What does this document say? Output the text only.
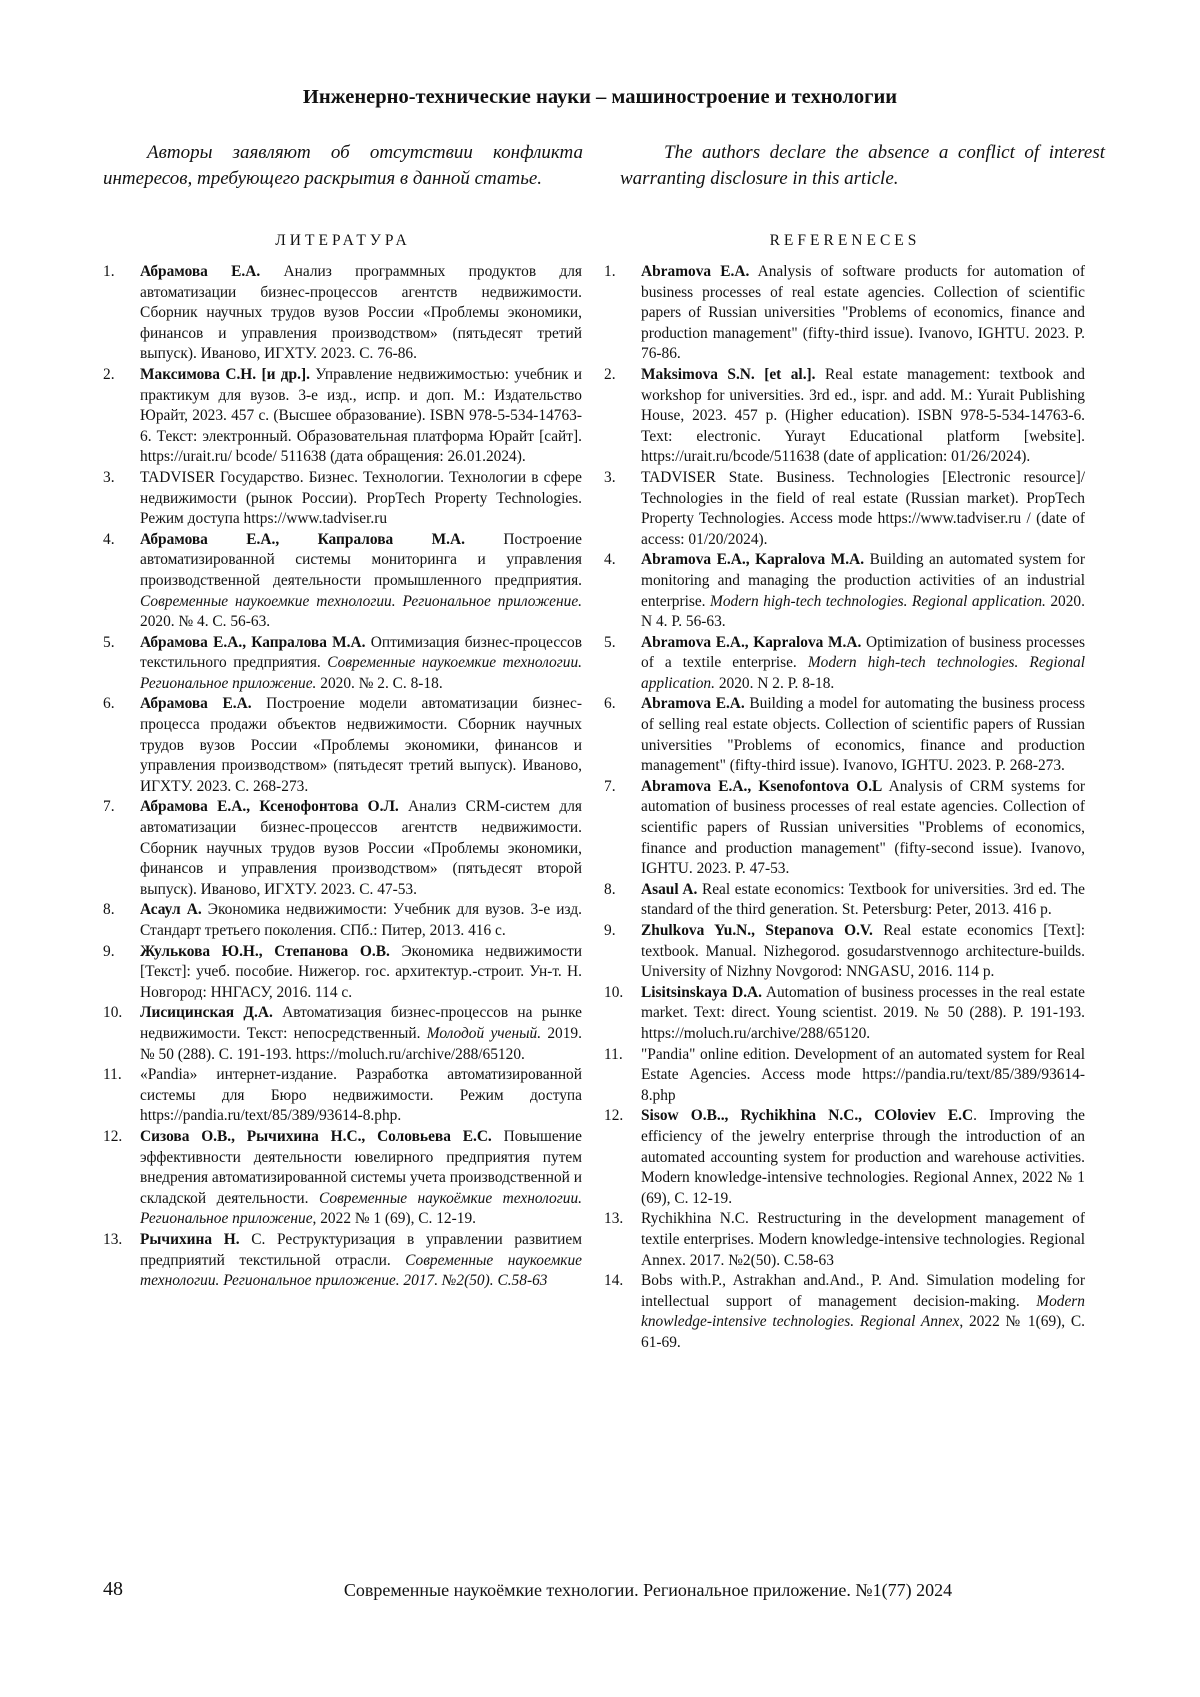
Инженерно-технические науки – машиностроение и технологии
Авторы заявляют об отсутствии конфликта интересов, требующего раскрытия в данной статье.
The authors declare the absence a conflict of interest warranting disclosure in this article.
ЛИТЕРАТУРА	REFERENECES
1.	Абрамова Е.А. Анализ программных продуктов для автоматизации бизнес-процессов агентств недвижимости. Сборник научных трудов вузов России «Проблемы экономики, финансов и управления производством» (пятьдесят третий выпуск). Иваново, ИГХТУ. 2023. С. 76-86.
2.	Максимова С.Н. [и др.]. Управление недвижимостью: учебник и практикум для вузов. 3-е изд., испр. и доп. М.: Издательство Юрайт, 2023. 457 с. (Высшее образование). ISBN 978-5-534-14763-6. Текст: электронный. Образовательная платформа Юрайт [сайт]. https://urait.ru/ bcode/ 511638 (дата обращения: 26.01.2024).
3.	TADVISER Государство. Бизнес. Технологии. Технологии в сфере недвижимости (рынок России). PropTech Property Technologies. Режим доступа https://www.tadviser.ru
4.	Абрамова Е.А., Капралова М.А. Построение автоматизированной системы мониторинга и управления производственной деятельности промышленного предприятия. Современные наукоемкие технологии. Региональное приложение. 2020. № 4. С. 56-63.
5.	Абрамова Е.А., Капралова М.А. Оптимизация бизнес-процессов текстильного предприятия. Современные наукоемкие технологии. Региональное приложение. 2020. № 2. С. 8-18.
6.	Абрамова Е.А. Построение модели автоматизации бизнес-процесса продажи объектов недвижимости. Сборник научных трудов вузов России «Проблемы экономики, финансов и управления производством» (пятьдесят третий выпуск). Иваново, ИГХТУ. 2023. С. 268-273.
7.	Абрамова Е.А., Ксенофонтова О.Л. Анализ CRM-систем для автоматизации бизнес-процессов агентств недвижимости. Сборник научных трудов вузов России «Проблемы экономики, финансов и управления производством» (пятьдесят второй выпуск). Иваново, ИГХТУ. 2023. С. 47-53.
8.	Асаул А. Экономика недвижимости: Учебник для вузов. 3-е изд. Стандарт третьего поколения. СПб.: Питер, 2013. 416 с.
9.	Жулькова Ю.Н., Степанова О.В. Экономика недвижимости [Текст]: учеб. пособие. Нижегор. гос. архитектур.-строит. Ун-т. Н. Новгород: ННГАСУ, 2016. 114 с.
10.	Лисицинская Д.А. Автоматизация бизнес-процессов на рынке недвижимости. Текст: непосредственный. Молодой ученый. 2019. № 50 (288). С. 191-193. https://moluch.ru/archive/288/65120.
11.	«Pandia» интернет-издание. Разработка автоматизированной системы для Бюро недвижимости. Режим доступа https://pandia.ru/text/85/389/93614-8.php.
12.	Сизова О.В., Рычихина Н.С., Соловьева Е.С. Повышение эффективности деятельности ювелирного предприятия путем внедрения автоматизированной системы учета производственной и складской деятельности. Современные наукоёмкие технологии. Региональное приложение, 2022 № 1 (69), С. 12-19.
13.	Рычихина Н. С. Реструктуризация в управлении развитием предприятий текстильной отрасли. Современные наукоемкие технологии. Региональное приложение. 2017. №2(50). С.58-63
1.	Abramova E.A. Analysis of software products for automation of business processes of real estate agencies. Collection of scientific papers of Russian universities "Problems of economics, finance and production management" (fifty-third issue). Ivanovo, IGHTU. 2023. P. 76-86.
2.	Maksimova S.N. [et al.]. Real estate management: textbook and workshop for universities. 3rd ed., ispr. and add. M.: Yurait Publishing House, 2023. 457 p. (Higher education). ISBN 978-5-534-14763-6. Text: electronic. Yurayt Educational platform [website]. https://urait.ru/bcode/511638 (date of application: 01/26/2024).
3.	TADVISER State. Business. Technologies [Electronic resource]/ Technologies in the field of real estate (Russian market). PropTech Property Technologies. Access mode https://www.tadviser.ru / (date of access: 01/20/2024).
4.	Abramova E.A., Kapralova M.A. Building an automated system for monitoring and managing the production activities of an industrial enterprise. Modern high-tech technologies. Regional application. 2020. N 4. P. 56-63.
5.	Abramova E.A., Kapralova M.A. Optimization of business processes of a textile enterprise. Modern high-tech technologies. Regional application. 2020. N 2. P. 8-18.
6.	Abramova E.A. Building a model for automating the business process of selling real estate objects. Collection of scientific papers of Russian universities "Problems of economics, finance and production management" (fifty-third issue). Ivanovo, IGHTU. 2023. P. 268-273.
7.	Abramova E.A., Ksenofontova O.L Analysis of CRM systems for automation of business processes of real estate agencies. Collection of scientific papers of Russian universities "Problems of economics, finance and production management" (fifty-second issue). Ivanovo, IGHTU. 2023. P. 47-53.
8.	Asaul A. Real estate economics: Textbook for universities. 3rd ed. The standard of the third generation. St. Petersburg: Peter, 2013. 416 p.
9.	Zhulkova Yu.N., Stepanova O.V. Real estate economics [Text]: textbook. Manual. Nizhegorod. gosudarstvennogo architecture-builds. University of Nizhny Novgorod: NNGASU, 2016. 114 p.
10.	Lisitsinskaya D.A. Automation of business processes in the real estate market. Text: direct. Young scientist. 2019. № 50 (288). P. 191-193. https://moluch.ru/archive/288/65120.
11.	"Pandia" online edition. Development of an automated system for Real Estate Agencies. Access mode https://pandia.ru/text/85/389/93614-8.php
12.	Sisow O.B.., Rychikhina N.C., COloviev E.C. Improving the efficiency of the jewelry enterprise through the introduction of an automated accounting system for production and warehouse activities. Modern knowledge-intensive technologies. Regional Annex, 2022 № 1 (69), C. 12-19.
13.	Rychikhina N.C. Restructuring in the development management of textile enterprises. Modern knowledge-intensive technologies. Regional Annex. 2017. №2(50). C.58-63
14.	Bobs with.P., Astrakhan and.And., P. And. Simulation modeling for intellectual support of management decision-making. Modern knowledge-intensive technologies. Regional Annex, 2022 № 1(69), C. 61-69.
48	Современные наукоёмкие технологии. Региональное приложение. №1(77) 2024
